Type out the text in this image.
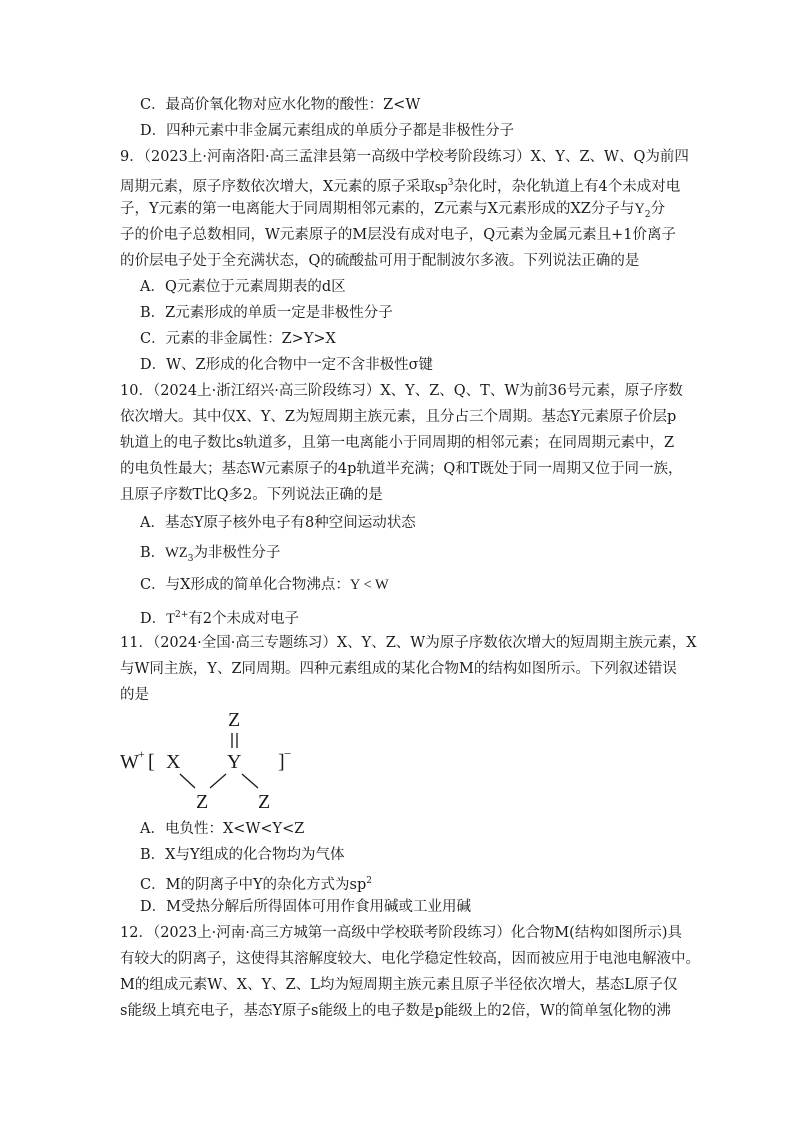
C．最高价氧化物对应水化物的酸性：Z<W
D．四种元素中非金属元素组成的单质分子都是非极性分子
9．（2023上·河南洛阳·高三孟津县第一高级中学校考阶段练习）X、Y、Z、W、Q为前四
周期元素，原子序数依次增大，X元素的原子采取$sp^3$杂化时，杂化轨道上有4个未成对电
子，Y元素的第一电离能大于同周期相邻元素的，Z元素与X元素形成的XZ分子与$Y_2$分
子的价电子总数相同，W元素原子的M层没有成对电子，Q元素为金属元素且+1价离子
的价层电子处于全充满状态，Q的硫酸盐可用于配制波尔多液。下列说法正确的是
A．Q元素位于元素周期表的d区
B．Z元素形成的单质一定是非极性分子
C．元素的非金属性：Z>Y>X
D．W、Z形成的化合物中一定不含非极性σ键
10．（2024上·浙江绍兴·高三阶段练习）X、Y、Z、Q、T、W为前36号元素，原子序数
依次增大。其中仅X、Y、Z为短周期主族元素，且分占三个周期。基态Y元素原子价层p
轨道上的电子数比s轨道多，且第一电离能小于同周期的相邻元素；在同周期元素中，Z
的电负性最大；基态W元素原子的4p轨道半充满；Q和T既处于同一周期又位于同一族，
且原子序数T比Q多2。下列说法正确的是
A．基态Y原子核外电子有8种空间运动状态
B．$WZ_3$为非极性分子
C．与X形成的简单化合物沸点：Y < W
D．$T^{2+}$有2个未成对电子
11．（2024·全国·高三专题练习）X、Y、Z、W为原子序数依次增大的短周期主族元素，X
与W同主族，Y、Z同周期。四种元素组成的某化合物M的结构如图所示。下列叙述错误
的是
Z
W + [ X Y ] −
Z Z
A．电负性：X<W<Y<Z
B．X与Y组成的化合物均为气体
C．M的阴离子中Y的杂化方式为$sp^2$
D．M受热分解后所得固体可用作食用碱或工业用碱
12．（2023上·河南·高三方城第一高级中学校联考阶段练习）化合物M(结构如图所示)具
有较大的阴离子，这使得其溶解度较大、电化学稳定性较高，因而被应用于电池电解液中。
M的组成元素W、X、Y、Z、L均为短周期主族元素且原子半径依次增大，基态L原子仅
s能级上填充电子，基态Y原子s能级上的电子数是p能级上的2倍，W的简单氢化物的沸
